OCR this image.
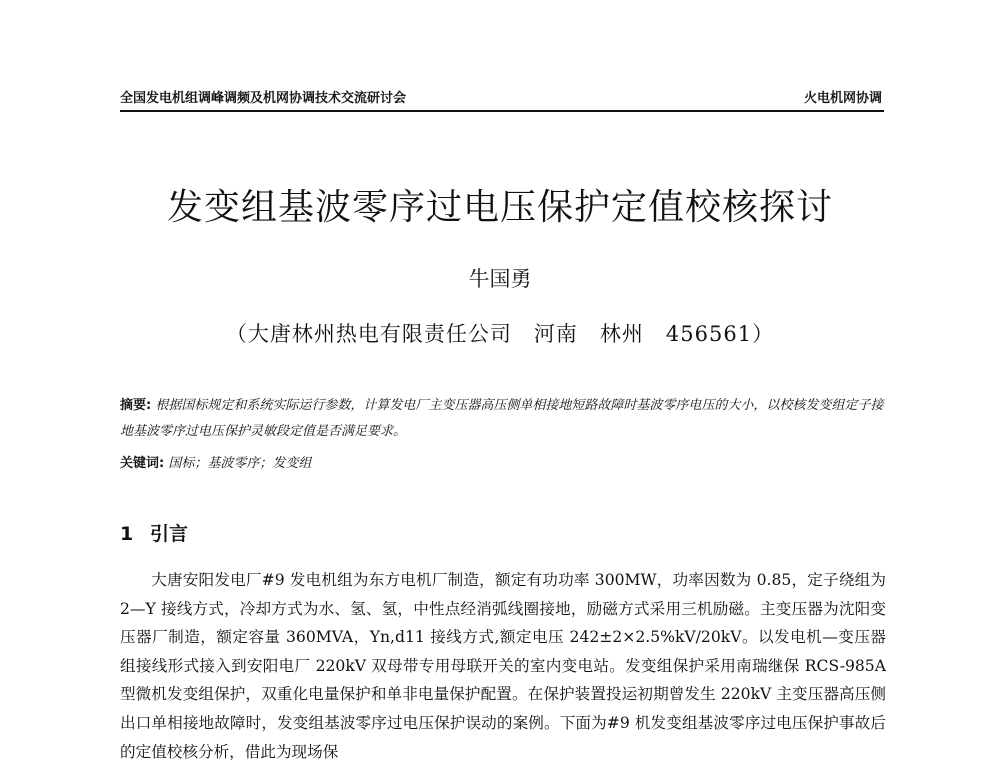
全国发电机组调峰调频及机网协调技术交流研讨会	火电机网协调
发变组基波零序过电压保护定值校核探讨
牛国勇
（大唐林州热电有限责任公司　河南　林州　456561）
摘要: 根据国标规定和系统实际运行参数，计算发电厂主变压器高压侧单相接地短路故障时基波零序电压的大小，以校核发变组定子接地基波零序过电压保护灵敏段定值是否满足要求。
关键词: 国标；基波零序；发变组
1 引言

大唐安阳发电厂#9 发电机组为东方电机厂制造，额定有功功率 300MW，功率因数为 0.85，定子绕组为 2—Y 接线方式，冷却方式为水、氢、氢，中性点经消弧线圈接地，励磁方式采用三机励磁。主变压器为沈阳变压器厂制造，额定容量 360MVA，Yn,d11 接线方式,额定电压 242±2×2.5%kV/20kV。以发电机—变压器组接线形式接入到安阳电厂 220kV 双母带专用母联开关的室内变电站。发变组保护采用南瑞继保 RCS-985A 型微机发变组保护，双重化电量保护和单非电量保护配置。在保护装置投运初期曾发生 220kV 主变压器高压侧出口单相接地故障时，发变组基波零序过电压保护误动的案例。下面为#9 机发变组基波零序过电压保护事故后的定值校核分析，借此为现场保
